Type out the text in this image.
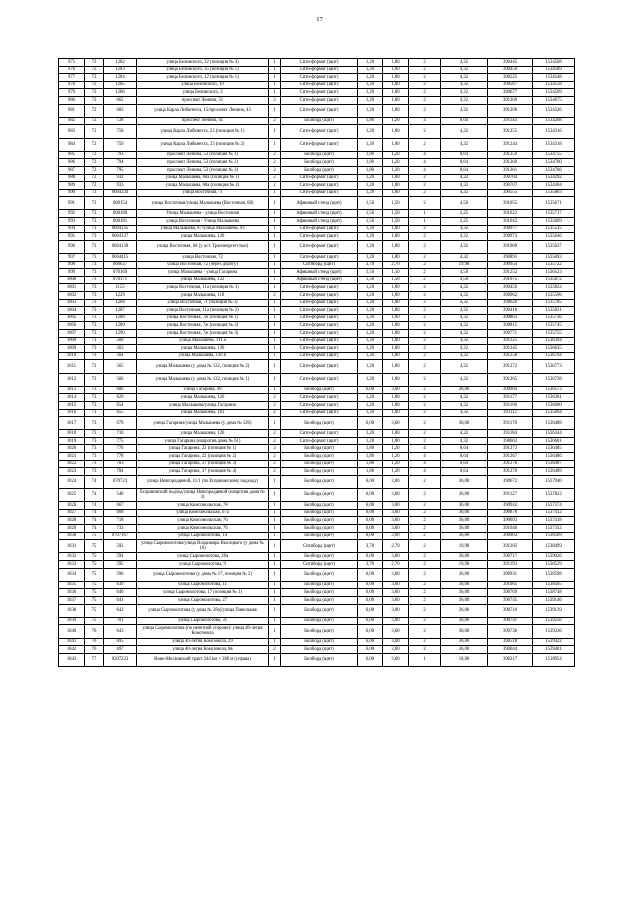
17
975	72	1282	улица Белинского, 32 (позиция № 4)	1	Сити-формат (щит)	1,20	1,80	2	4,32	390445	1534568
976	72	1283	улица Белинского, 35 (позиция № 1)	1	Сити-формат (щит)	1,20	1,80	2	4,32	390450	1534589
977	72	1284	улица Белинского, 12 (позиция № 1)	1	Сити-формат (щит)	1,20	1,80	2	4,32	390525	1534548
978	72	1285	улица Белинского, 19	1	Сити-формат (щит)	1,20	1,80	2	4,32	390567	1534558
979	72	1286	улица Белинского, 2	1	Сити-формат (щит)	1,20	1,80	2	4,32	390677	1534509
980	72	662	проспект Ленина, 51	2	Сити-формат (щит)	1,20	1,80	2	4,32	391260	1534675
981	72	683	улица Карла Либкнехта, 15/проспект Ленина, 43	1	Сити-формат (щит)	1,20	1,80	2	4,32	391206	1534326
982	72	728	проспект Ленина, 41	2	Билборд (щит)	1,80	1,20	4	8,64	391144	1534268
983	72	758	улица Карла Либкнехта, 23 (позиция № 1)	1	Сити-формат (щит)	1,20	1,80	2	4,32	391255	1534316
984	72	759	улица Карла Либкнехта, 23 (позиция № 2)	1	Сити-формат (щит)	1,20	1,80	2	4,32	391244	1534318
985	72	793	проспект Ленина, 53 (позиция № 1)	2	Билборд (щит)	1,80	1,20	4	8,64	391259	1534755
986	72	794	проспект Ленина, 53 (позиция № 2)	2	Билборд (щит)	1,80	1,20	4	8,64	391260	1534760
987	72	795	проспект Ленина, 53 (позиция № 3)	2	Билборд (щит)	1,80	1,20	4	8,64	391261	1534766
988	72	932	улица Малышева, 68а (позиция № 1)	2	Сити-формат (щит)	1,20	1,80	2	4,32	390704	1534292
989	72	933	улица Малышева, 68а (позиция № 2)	2	Сити-формат (щит)	1,20	1,80	2	4,32	390707	1534304
990	73	0604334	улица Восточная, 7г	1	Сити-формат (щит)	1,20	1,80	2	4,32	390555	1535803
991	73	060154	улица Восточная/улица Малышева (Восточная, 68)	1	Афишный стенд (щит)	1,50	1,50	2	4,50	391055	1535671
992	73	060180	Улица Малышева - улица Восточная	1	Афишный стенд (щит)	1,50	1,50	1	2,25	391022	1535717
993	73	060181	улица Восточная - Улица Малышева	1	Афишный стенд (щит)	1,50	1,50	1	2,25	391042	1535609
994	73	0604135	улица Малышева, 87/улица Малышева, 93	1	Сити-формат (щит)	1,20	1,80	2	4,32	390977	1535515
995	73	0604137	улица Малышева, 120	1	Сити-формат (щит)	1,20	1,80	2	4,32	390973	1535646
996	73	0604138	улица Восточная, 68 (у ост. Транэнергетстью)	1	Сити-формат (щит)	1,20	1,80	2	4,32	391006	1535637
997	73	0604415	улица Восточная, 72	1	Сити-формат (щит)	1,20	1,80	2	4,32	390891	1535693
998	73	060637	улица Восточная, 72 (через дорогу)	1	Ситиборд (щит)	3,70	2,70	2	19,98	390954	1535722
999	73	070169	улица Малышева - улица Гагарина	1	Афишный стенд (щит)	1,50	1,50	2	4,50	391252	1536523
1000	73	070171	улица Малышева, 122	1	Афишный стенд (щит)	1,50	1,50	2	4,50	391075	1535872
1001	73	1155	улица Восточная, 11а (позиция № 1)	1	Сити-формат (щит)	1,20	1,80	2	4,32	390459	1535822
1002	73	1229	улица Малышева, 118	2	Сити-формат (щит)	1,20	1,80	2	4,32	390962	1535596
1003	73	1268	улица Восточная, 7г (позиция № 3)	1	Сити-формат (щит)	1,20	1,80	2	4,32	390620	1535785
1004	73	1287	улица Восточная, 11а (позиция № 2)	1	Сити-формат (щит)	1,20	1,80	2	4,32	390416	1535831
1005	73	1288	улица Восточная, 7ж (позиция № 1)	1	Сити-формат (щит)	1,20	1,80	2	4,32	390863	1535736
1006	73	1289	улица Восточная, 7ж (позиция № 2)	1	Сити-формат (щит)	1,20	1,80	2	4,32	390815	1535745
1007	73	1290	улица Восточная, 7ж (позиция № 3)	1	Сити-формат (щит)	1,20	1,80	2	4,32	390771	1535755
1008	73	560	улица Малышева, 111 а	1	Сити-формат (щит)	1,20	1,80	2	4,32	391225	1536394
1009	73	563	улица Малышева, 130	1	Сити-формат (щит)	1,20	1,80	2	4,32	391245	1536635
1010	73	564	улица Малышева, 130 б	1	Сити-формат (щит)	1,20	1,80	2	4,32	391258	1536704
1011	73	565	улица Малышева (у дома № 132, позиция № 2)	1	Сити-формат (щит)	1,20	1,80	2	4,32	391272	1536773
1012	73	566	улица Малышева (у дома № 132, позиция № 1)	1	Сити-формат (щит)	1,20	1,80	2	4,32	391265	1536738
1013	73	606	улица Гагарина, 49	1	Билборд (щит)	6,00	3,00	2	36,00	390969	1536573
1014	73	629	улица Малышева, 126	2	Сити-формат (щит)	1,20	1,80	2	4,32	391177	1536301
1015	73	654	улица Малышева/улица Гагарина	2	Сити-формат (щит)	1,20	1,80	2	4,32	391106	1536000
1016	73	655	улица Малышева, 101	2	Сити-формат (щит)	1,20	1,80	2	4,32	391112	1535894
1017	73	679	улица Гагарина/улица Малышева (у дома № 126)	1	Билборд (щит)	6,00	3,00	2	36,00	391170	1536488
1018	73	710	улица Малышева, 126	2	Сити-формат (щит)	1,20	1,80	2	4,32	391184	1536344
1019	73	775	улица Гагарина (напротив дома № 61)	2	Сити-формат (щит)	1,20	1,80	2	4,32	390663	1536601
1020	73	776	улица Гагарина, 22 (позиция № 1)	2	Билборд (щит)	1,80	1,20	4	8,64	391273	1536485
1021	73	778	улица Гагарина, 22 (позиция № 2)	2	Билборд (щит)	1,80	1,20	4	8,64	391267	1536486
1022	73	783	улица Гагарина, 37 (позиция № 3)	2	Билборд (щит)	1,80	1,20	4	8,64	391276	1536487
1023	73	784	улица Гагарина, 37 (позиция № 4)	2	Билборд (щит)	1,80	1,20	4	8,64	391270	1536489
1024	74	070723	улица Новгородцевой, 11/1 (по Егоршинскому подходу)	1	Билборд (щит)	6,00	3,00	2	36,00	390672	1537940
1025	74	548	Егоршинский подход/улица Новгородцевой (напротив дома № 3)	1	Билборд (щит)	6,00	3,00	2	36,00	391127	1537822
1026	74	667	улица Комсомольская, 78	1	Билборд (щит)	6,00	3,00	2	36,00	390942	1537374
1027	74	668	улица Комсомольская, 67а	1	Билборд (щит)	6,00	3,00	2	36,00	390876	1537412
1028	74	718	улица Комсомольская, 76	1	Билборд (щит)	6,00	3,00	2	36,00	390693	1537418
1029	74	733	улица Комсомольская, 76	1	Билборд (щит)	6,00	3,00	2	36,00	391040	1537352
1030	75	0707167	улица Сыромолотова, 14	1	Билборд (щит)	6,00	3,00	2	36,00	390903	1538569
1031	75	592	улица Сыромолотова/улица Владимира Высоцкого (у дома № 10)	1	Ситиборд (щит)	3,70	2,70	2	19,98	391205	1538499
1032	75	594	улица Сыромолотова, 28а	1	Билборд (щит)	6,00	3,00	2	36,00	390717	1539026
1033	75	595	улица Сыромолотова, 9	1	Ситиборд (щит)	3,70	2,70	2	19,98	391193	1538529
1034	75	596	улица Сыромолотова (у дома № 17, позиция № 2)	1	Билборд (щит)	6,00	3,00	2	36,00	390931	1538598
1035	75	639	улица Сыромолотова, 11	1	Билборд (щит)	6,00	3,00	2	36,00	391065	1538565
1036	75	640	улица Сыромолотова, 17 (позиция № 1)	1	Билборд (щит)	6,00	3,00	2	36,00	390769	1538748
1037	75	641	улица Сыромолотова, 27	1	Билборд (щит)	6,00	3,00	2	36,00	390745	1539146
1038	75	642	улица Сыромолотова (у дома № 28а)/улица Панельная	1	Билборд (щит)	6,00	3,00	2	36,00	390710	1539139
1039	75	701	улица Сыромолотова, 31	1	Билборд (щит)	6,00	3,00	2	36,00	390741	1539256
1040	76	643	улица Сыромолотова (по нечетной стороне)/ улица 40-летия Комсомола	1	Билборд (щит)	6,00	3,00	2	36,00	390736	1539336
1041	76	695	улица 40-летия Комсомола, 29	1	Билборд (щит)	6,00	3,00	2	36,00	390518	1539422
1042	76	697	улица 40-летия Комсомола, 8в	2	Билборд (щит)	6,00	3,00	2	36,00	390644	1539401
1043	77	0307223	Ново-Московский тракт 344 км + 280 м (справа)	1	Билборд (щит)	6,00	3,00	1	18,00	390217	1518954
